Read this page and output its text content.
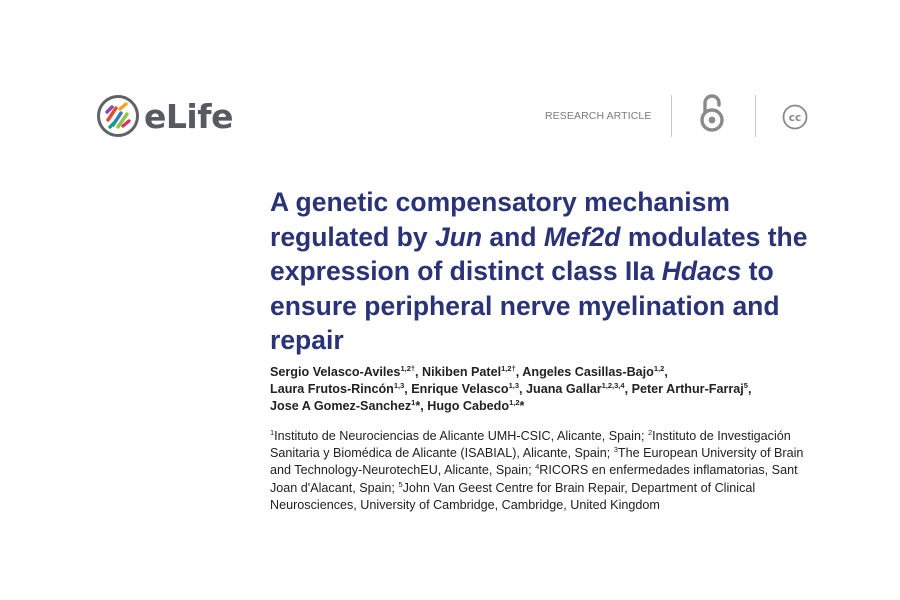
eLife	RESEARCH ARTICLE	cc
A genetic compensatory mechanism regulated by Jun and Mef2d modulates the expression of distinct class IIa Hdacs to ensure peripheral nerve myelination and repair

Sergio Velasco-Aviles$^{1,2\dagger}$, Nikiben Patel$^{1,2\dagger}$, Angeles Casillas-Bajo$^{1,2}$,
Laura Frutos-Rincón$^{1,3}$, Enrique Velasco$^{1,3}$, Juana Gallar$^{1,2,3,4}$, Peter Arthur-Farraj$^5$,
Jose A Gomez-Sanchez$^1$*, Hugo Cabedo$^{1,2}$*

$^1$Instituto de Neurociencias de Alicante UMH-CSIC, Alicante, Spain; $^2$Instituto de Investigación Sanitaria y Biomédica de Alicante (ISABIAL), Alicante, Spain; $^3$The European University of Brain and Technology-NeurotechEU, Alicante, Spain; $^4$RICORS en enfermedades inflamatorias, Sant Joan d'Alacant, Spain; $^5$John Van Geest Centre for Brain Repair, Department of Clinical Neurosciences, University of Cambridge, Cambridge, United Kingdom
